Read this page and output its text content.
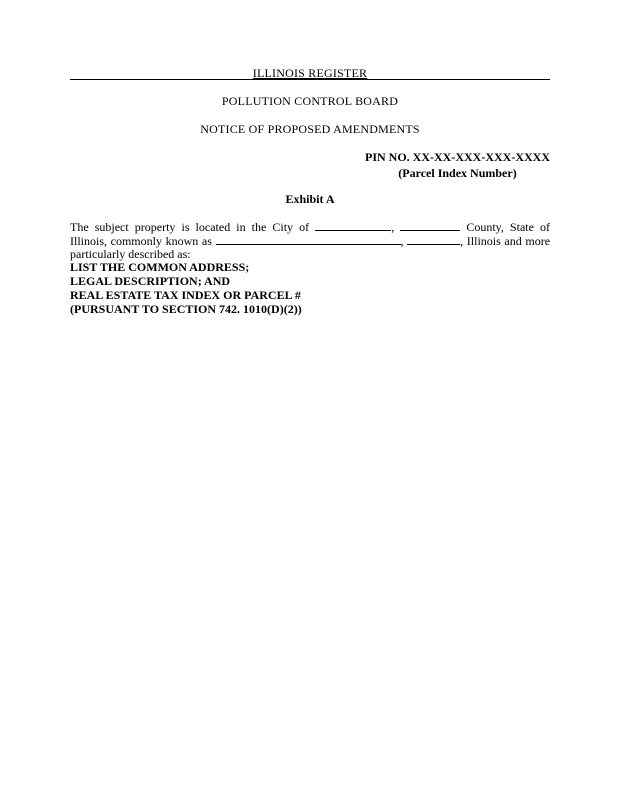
ILLINOIS REGISTER
POLLUTION CONTROL BOARD
NOTICE OF PROPOSED AMENDMENTS
PIN NO. XX-XX-XXX-XXX-XXXX
(Parcel Index Number)
Exhibit A
The subject property is located in the City of	,	County, State of
Illinois, commonly known as	,	, Illinois and more
particularly described as:
LIST THE COMMON ADDRESS;
LEGAL DESCRIPTION; AND
REAL ESTATE TAX INDEX OR PARCEL #
(PURSUANT TO SECTION 742. 1010(D)(2))
